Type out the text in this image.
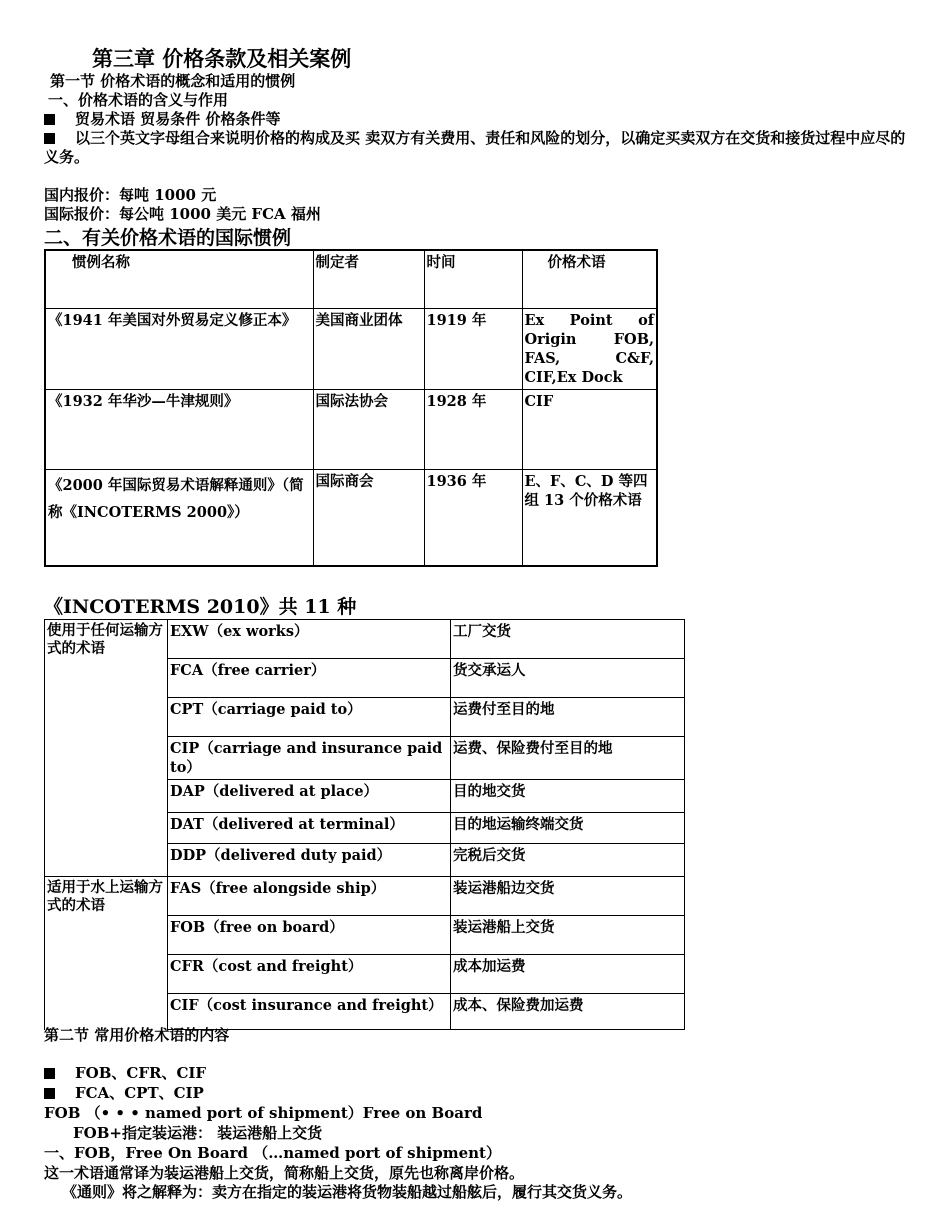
第三章 价格条款及相关案例
第一节 价格术语的概念和适用的惯例
一、价格术语的含义与作用
贸易术语 贸易条件 价格条件等
以三个英文字母组合来说明价格的构成及买 卖双方有关费用、责任和风险的划分，以确定买卖双方在交货和接货过程中应尽的义务。
国内报价：每吨 1000 元
国际报价：每公吨 1000 美元 FCA 福州
二、有关价格术语的国际惯例
惯例名称	制定者	时间	价格术语
《1941 年美国对外贸易定义修正本》	美国商业团体	1919 年	Ex Point of Origin FOB, FAS, C&F, CIF,Ex Dock
《1932 年华沙—牛津规则》	国际法协会	1928 年	CIF
《2000 年国际贸易术语解释通则》（简称《INCOTERMS 2000》）	国际商会	1936 年	E、F、C、D 等四组 13 个价格术语
《INCOTERMS 2010》共 11 种
使用于任何运输方式的术语	EXW（ex works）	工厂交货
	FCA（free carrier）	货交承运人
	CPT（carriage paid to）	运费付至目的地
	CIP（carriage and insurance paid to）	运费、保险费付至目的地
	DAP（delivered at place）	目的地交货
	DAT（delivered at terminal）	目的地运输终端交货
	DDP（delivered duty paid）	完税后交货
适用于水上运输方式的术语	FAS（free alongside ship）	装运港船边交货
	FOB（free on board）	装运港船上交货
	CFR（cost and freight）	成本加运费
	CIF（cost insurance and freight）	成本、保险费加运费
第二节 常用价格术语的内容
FOB、CFR、CIF
FCA、CPT、CIP
FOB （• • • named port of shipment）Free on Board
FOB+指定装运港： 装运港船上交货
一、FOB，Free On Board （…named port of shipment）
这一术语通常译为装运港船上交货，简称船上交货，原先也称离岸价格。
《通则》将之解释为：卖方在指定的装运港将货物装船越过船舷后，履行其交货义务。
